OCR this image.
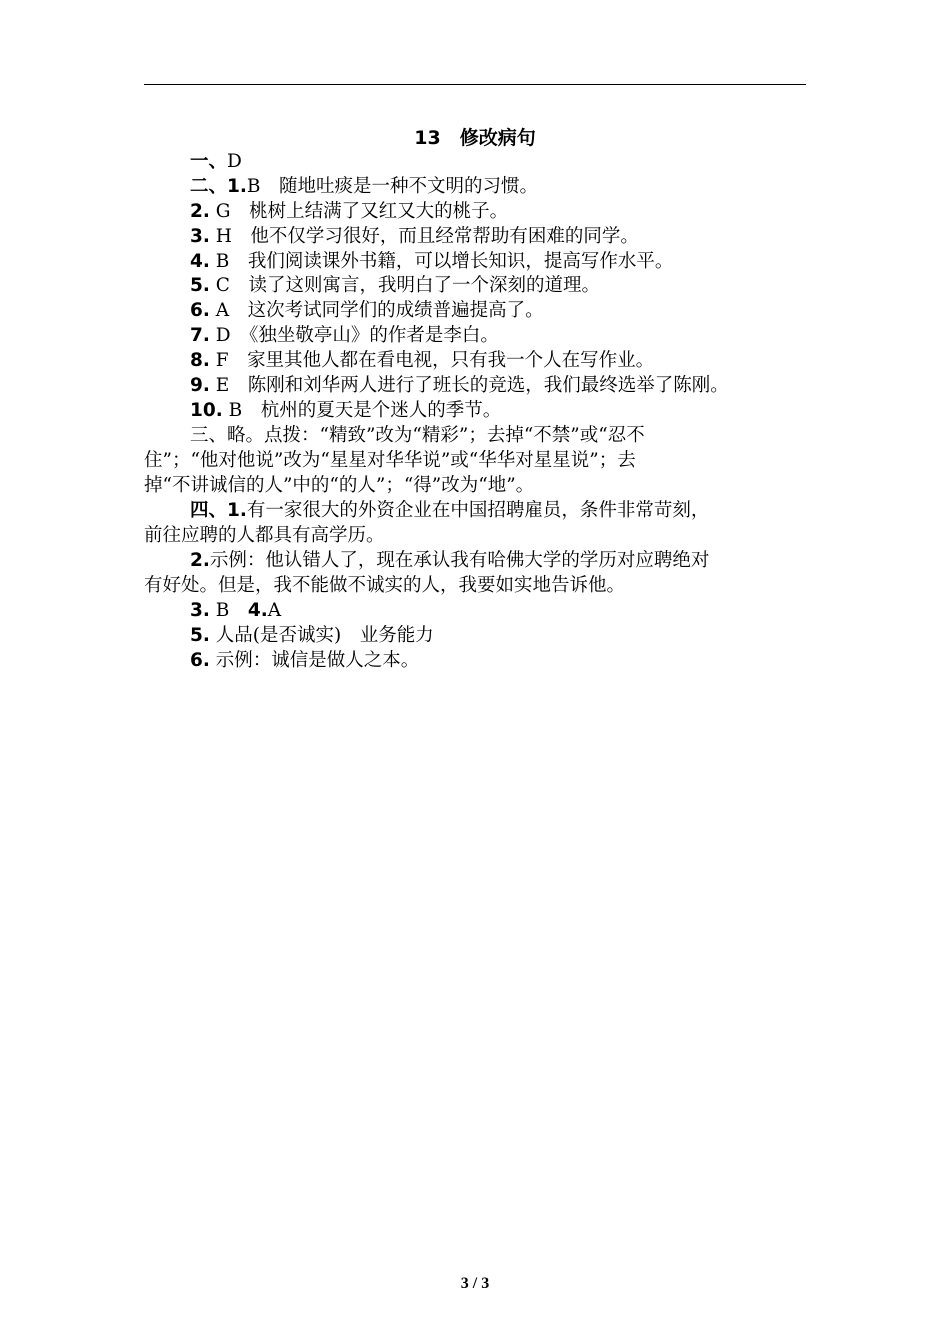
13　修改病句
一、D
二、1.B　随地吐痰是一种不文明的习惯。
2. G　桃树上结满了又红又大的桃子。
3. H　他不仅学习很好，而且经常帮助有困难的同学。
4. B　我们阅读课外书籍，可以增长知识，提高写作水平。
5. C　读了这则寓言，我明白了一个深刻的道理。
6. A　这次考试同学们的成绩普遍提高了。
7. D　《独坐敬亭山》的作者是李白。
8. F　家里其他人都在看电视，只有我一个人在写作业。
9. E　陈刚和刘华两人进行了班长的竞选，我们最终选举了陈刚。
10. B　杭州的夏天是个迷人的季节。
三、略。点拨：“精致”改为“精彩”；去掉“不禁”或“忍不
住”；“他对他说”改为“星星对华华说”或“华华对星星说”；去
掉“不讲诚信的人”中的“的人”；“得”改为“地”。
四、1.有一家很大的外资企业在中国招聘雇员，条件非常苛刻，
前往应聘的人都具有高学历。
2.示例：他认错人了，现在承认我有哈佛大学的学历对应聘绝对
有好处。但是，我不能做不诚实的人，我要如实地告诉他。
3. B　4.A
5. 人品(是否诚实)　业务能力
6. 示例：诚信是做人之本。
3 / 3
